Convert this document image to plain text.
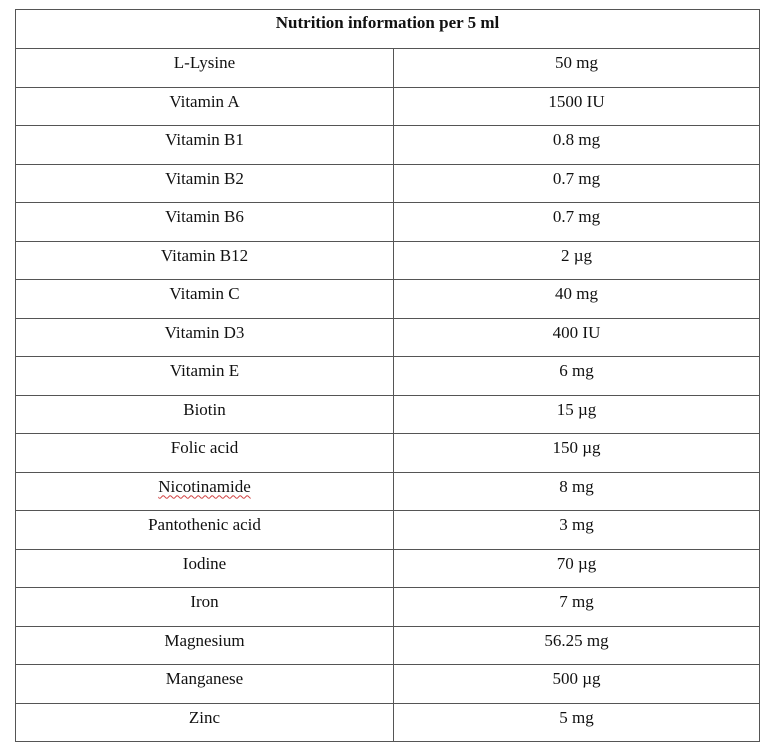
Nutrition information per 5 ml	
L-Lysine	50 mg
Vitamin A	1500 IU
Vitamin B1	0.8 mg
Vitamin B2	0.7 mg
Vitamin B6	0.7 mg
Vitamin B12	2 µg
Vitamin C	40 mg
Vitamin D3	400 IU
Vitamin E	6 mg
Biotin	15 µg
Folic acid	150 µg
Nicotinamide	8 mg
Pantothenic acid	3 mg
Iodine	70 µg
Iron	7 mg
Magnesium	56.25 mg
Manganese	500 µg
Zinc	5 mg
